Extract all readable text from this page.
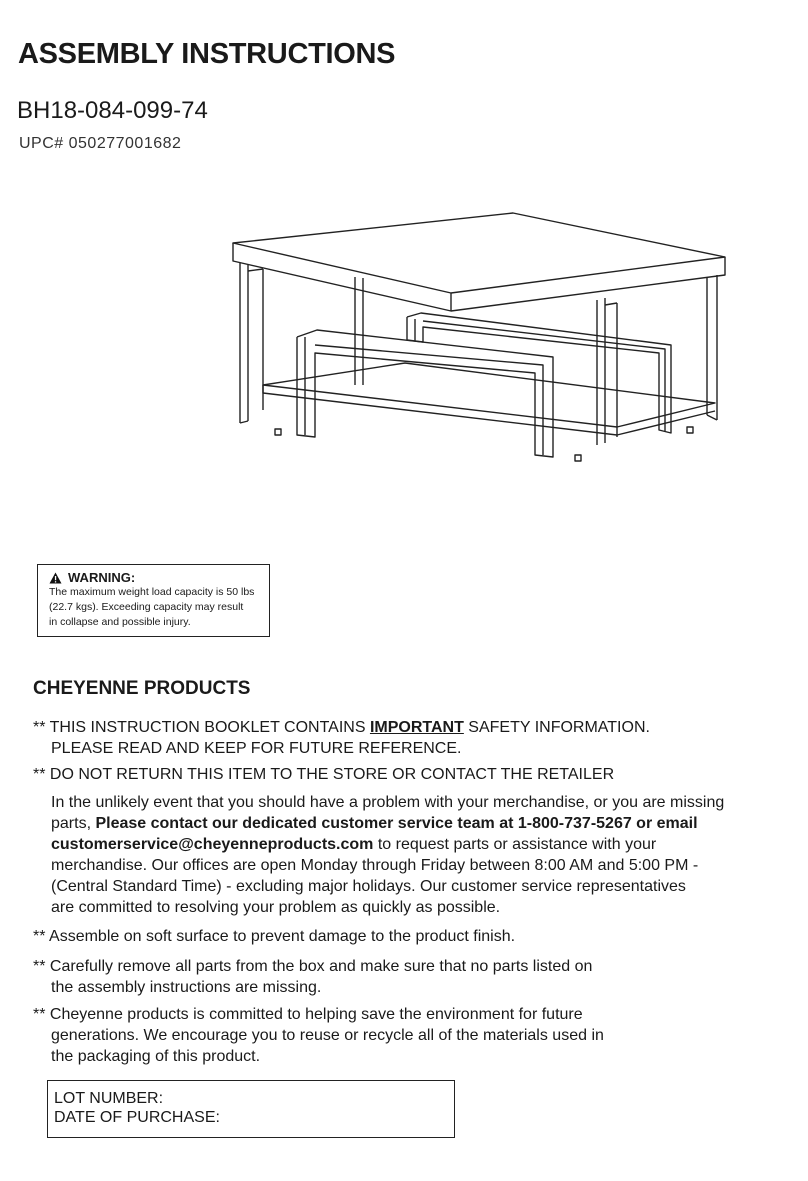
ASSEMBLY INSTRUCTIONS
BH18-084-099-74
UPC# 050277001682
WARNING:
The maximum weight load capacity is 50 lbs
(22.7 kgs). Exceeding capacity may result
in collapse and possible injury.
CHEYENNE PRODUCTS
** THIS INSTRUCTION BOOKLET CONTAINS IMPORTANT SAFETY INFORMATION.
PLEASE READ AND KEEP FOR FUTURE REFERENCE.
** DO NOT RETURN THIS ITEM TO THE STORE OR CONTACT THE RETAILER
In the unlikely event that you should have a problem with your merchandise, or you are missing
parts, Please contact our dedicated customer service team at 1-800-737-5267 or email
customerservice@cheyenneproducts.com to request parts or assistance with your
merchandise. Our offices are open Monday through Friday between 8:00 AM and 5:00 PM -
(Central Standard Time) - excluding major holidays. Our customer service representatives
are committed to resolving your problem as quickly as possible.
** Assemble on soft surface to prevent damage to the product finish.
** Carefully remove all parts from the box and make sure that no parts listed on
the assembly instructions are missing.
** Cheyenne products is committed to helping save the environment for future
generations. We encourage you to reuse or recycle all of the materials used in
the packaging of this product.
LOT NUMBER:
DATE OF PURCHASE:
